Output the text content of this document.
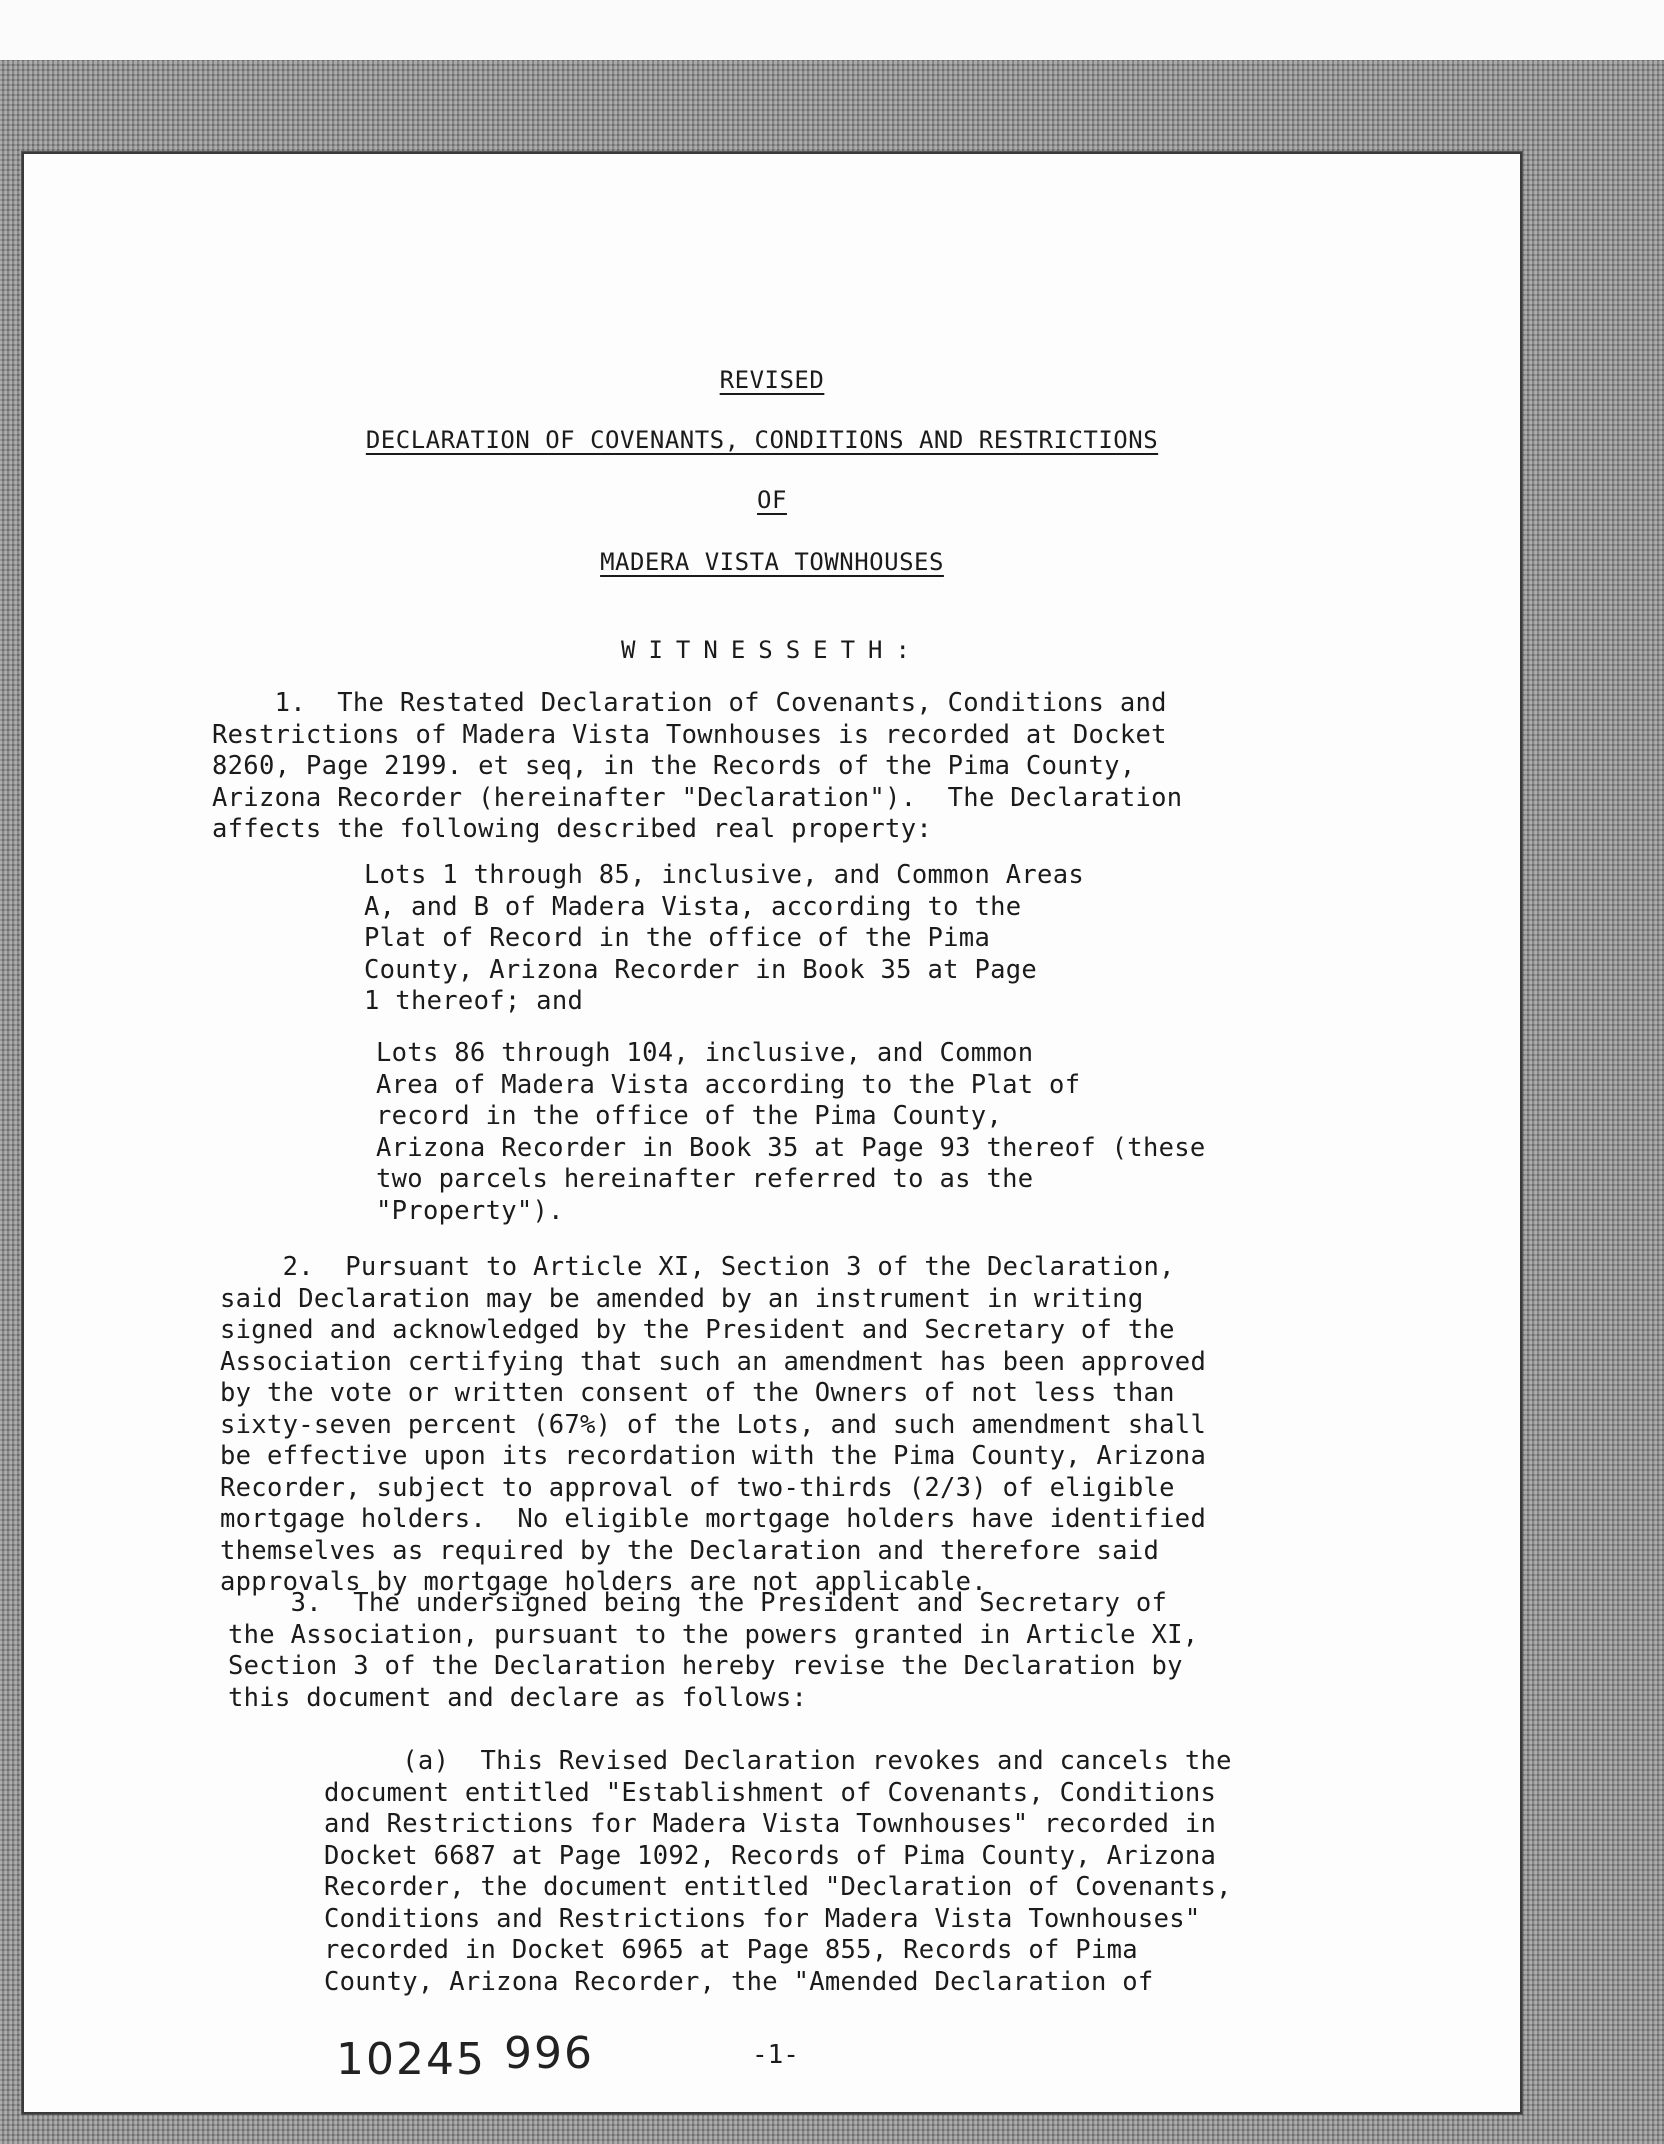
REVISED
DECLARATION OF COVENANTS, CONDITIONS AND RESTRICTIONS
OF
MADERA VISTA TOWNHOUSES
WITNESSETH:
1.  The Restated Declaration of Covenants, Conditions and
Restrictions of Madera Vista Townhouses is recorded at Docket
8260, Page 2199. et seq, in the Records of the Pima County,
Arizona Recorder (hereinafter "Declaration").  The Declaration
affects the following described real property:
Lots 1 through 85, inclusive, and Common Areas
A, and B of Madera Vista, according to the
Plat of Record in the office of the Pima
County, Arizona Recorder in Book 35 at Page
1 thereof; and
Lots 86 through 104, inclusive, and Common
Area of Madera Vista according to the Plat of
record in the office of the Pima County,
Arizona Recorder in Book 35 at Page 93 thereof (these
two parcels hereinafter referred to as the
"Property").
2.  Pursuant to Article XI, Section 3 of the Declaration,
said Declaration may be amended by an instrument in writing
signed and acknowledged by the President and Secretary of the
Association certifying that such an amendment has been approved
by the vote or written consent of the Owners of not less than
sixty-seven percent (67%) of the Lots, and such amendment shall
be effective upon its recordation with the Pima County, Arizona
Recorder, subject to approval of two-thirds (2/3) of eligible
mortgage holders.  No eligible mortgage holders have identified
themselves as required by the Declaration and therefore said
approvals by mortgage holders are not applicable.
3.  The undersigned being the President and Secretary of
the Association, pursuant to the powers granted in Article XI,
Section 3 of the Declaration hereby revise the Declaration by
this document and declare as follows:
(a)  This Revised Declaration revokes and cancels the
document entitled "Establishment of Covenants, Conditions
and Restrictions for Madera Vista Townhouses" recorded in
Docket 6687 at Page 1092, Records of Pima County, Arizona
Recorder, the document entitled "Declaration of Covenants,
Conditions and Restrictions for Madera Vista Townhouses"
recorded in Docket 6965 at Page 855, Records of Pima
County, Arizona Recorder, the "Amended Declaration of
10245 996	-1-
